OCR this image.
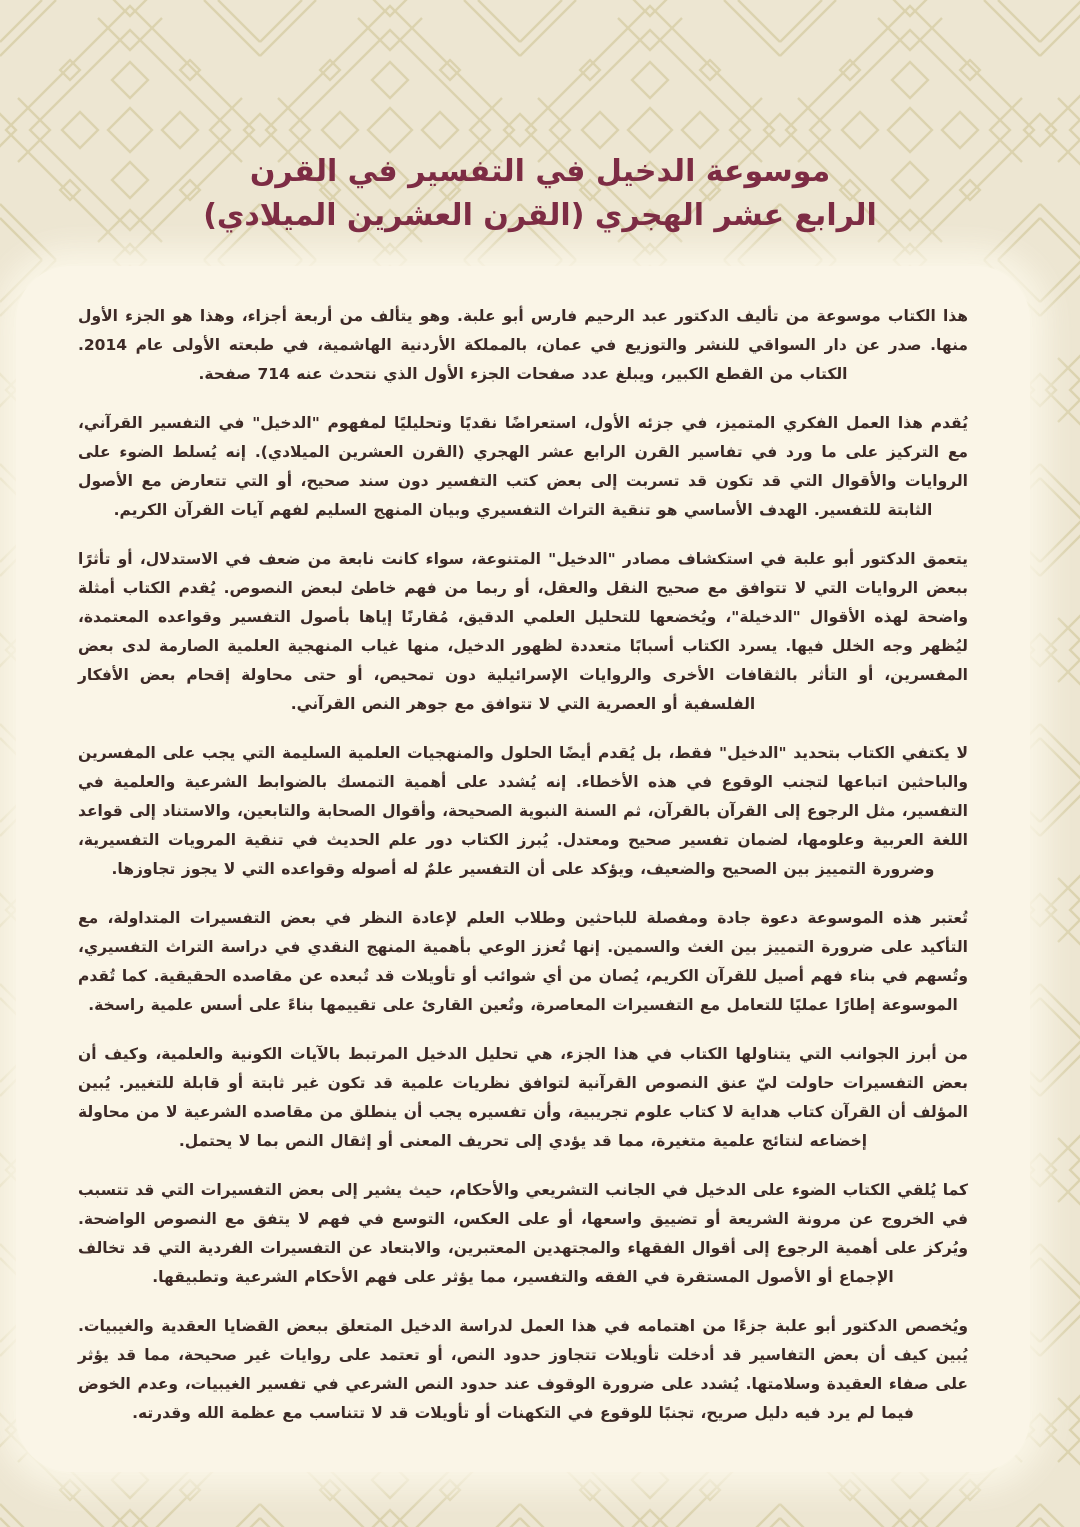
موسوعة الدخيل في التفسير في القرن
الرابع عشر الهجري (القرن العشرين الميلادي)

هذا الكتاب موسوعة من تأليف الدكتور عبد الرحيم فارس أبو علبة. وهو يتألف من أربعة أجزاء، وهذا هو الجزء الأول منها. صدر عن دار السواقي للنشر والتوزيع في عمان، بالمملكة الأردنية الهاشمية، في طبعته الأولى عام 2014. الكتاب من القطع الكبير، ويبلغ عدد صفحات الجزء الأول الذي نتحدث عنه 714 صفحة.

يُقدم هذا العمل الفكري المتميز، في جزئه الأول، استعراضًا نقديًا وتحليليًا لمفهوم "الدخيل" في التفسير القرآني، مع التركيز على ما ورد في تفاسير القرن الرابع عشر الهجري (القرن العشرين الميلادي). إنه يُسلط الضوء على الروايات والأقوال التي قد تكون قد تسربت إلى بعض كتب التفسير دون سند صحيح، أو التي تتعارض مع الأصول الثابتة للتفسير. الهدف الأساسي هو تنقية التراث التفسيري وبيان المنهج السليم لفهم آيات القرآن الكريم.

يتعمق الدكتور أبو علبة في استكشاف مصادر "الدخيل" المتنوعة، سواء كانت نابعة من ضعف في الاستدلال، أو تأثرًا ببعض الروايات التي لا تتوافق مع صحيح النقل والعقل، أو ربما من فهم خاطئ لبعض النصوص. يُقدم الكتاب أمثلة واضحة لهذه الأقوال "الدخيلة"، ويُخضعها للتحليل العلمي الدقيق، مُقارنًا إياها بأصول التفسير وقواعده المعتمدة، ليُظهر وجه الخلل فيها. يسرد الكتاب أسبابًا متعددة لظهور الدخيل، منها غياب المنهجية العلمية الصارمة لدى بعض المفسرين، أو التأثر بالثقافات الأخرى والروايات الإسرائيلية دون تمحيص، أو حتى محاولة إقحام بعض الأفكار الفلسفية أو العصرية التي لا تتوافق مع جوهر النص القرآني.

لا يكتفي الكتاب بتحديد "الدخيل" فقط، بل يُقدم أيضًا الحلول والمنهجيات العلمية السليمة التي يجب على المفسرين والباحثين اتباعها لتجنب الوقوع في هذه الأخطاء. إنه يُشدد على أهمية التمسك بالضوابط الشرعية والعلمية في التفسير، مثل الرجوع إلى القرآن بالقرآن، ثم السنة النبوية الصحيحة، وأقوال الصحابة والتابعين، والاستناد إلى قواعد اللغة العربية وعلومها، لضمان تفسير صحيح ومعتدل. يُبرز الكتاب دور علم الحديث في تنقية المرويات التفسيرية، وضرورة التمييز بين الصحيح والضعيف، ويؤكد على أن التفسير علمٌ له أصوله وقواعده التي لا يجوز تجاوزها.

تُعتبر هذه الموسوعة دعوة جادة ومفصلة للباحثين وطلاب العلم لإعادة النظر في بعض التفسيرات المتداولة، مع التأكيد على ضرورة التمييز بين الغث والسمين. إنها تُعزز الوعي بأهمية المنهج النقدي في دراسة التراث التفسيري، وتُسهم في بناء فهم أصيل للقرآن الكريم، يُصان من أي شوائب أو تأويلات قد تُبعده عن مقاصده الحقيقية. كما تُقدم الموسوعة إطارًا عمليًا للتعامل مع التفسيرات المعاصرة، وتُعين القارئ على تقييمها بناءً على أسس علمية راسخة.

من أبرز الجوانب التي يتناولها الكتاب في هذا الجزء، هي تحليل الدخيل المرتبط بالآيات الكونية والعلمية، وكيف أن بعض التفسيرات حاولت ليّ عنق النصوص القرآنية لتوافق نظريات علمية قد تكون غير ثابتة أو قابلة للتغيير. يُبين المؤلف أن القرآن كتاب هداية لا كتاب علوم تجريبية، وأن تفسيره يجب أن ينطلق من مقاصده الشرعية لا من محاولة إخضاعه لنتائج علمية متغيرة، مما قد يؤدي إلى تحريف المعنى أو إثقال النص بما لا يحتمل.

كما يُلقي الكتاب الضوء على الدخيل في الجانب التشريعي والأحكام، حيث يشير إلى بعض التفسيرات التي قد تتسبب في الخروج عن مرونة الشريعة أو تضييق واسعها، أو على العكس، التوسع في فهم لا يتفق مع النصوص الواضحة. ويُركز على أهمية الرجوع إلى أقوال الفقهاء والمجتهدين المعتبرين، والابتعاد عن التفسيرات الفردية التي قد تخالف الإجماع أو الأصول المستقرة في الفقه والتفسير، مما يؤثر على فهم الأحكام الشرعية وتطبيقها.

ويُخصص الدكتور أبو علبة جزءًا من اهتمامه في هذا العمل لدراسة الدخيل المتعلق ببعض القضايا العقدية والغيبيات. يُبين كيف أن بعض التفاسير قد أدخلت تأويلات تتجاوز حدود النص، أو تعتمد على روايات غير صحيحة، مما قد يؤثر على صفاء العقيدة وسلامتها. يُشدد على ضرورة الوقوف عند حدود النص الشرعي في تفسير الغيبيات، وعدم الخوض فيما لم يرد فيه دليل صريح، تجنبًا للوقوع في التكهنات أو تأويلات قد لا تتناسب مع عظمة الله وقدرته.
